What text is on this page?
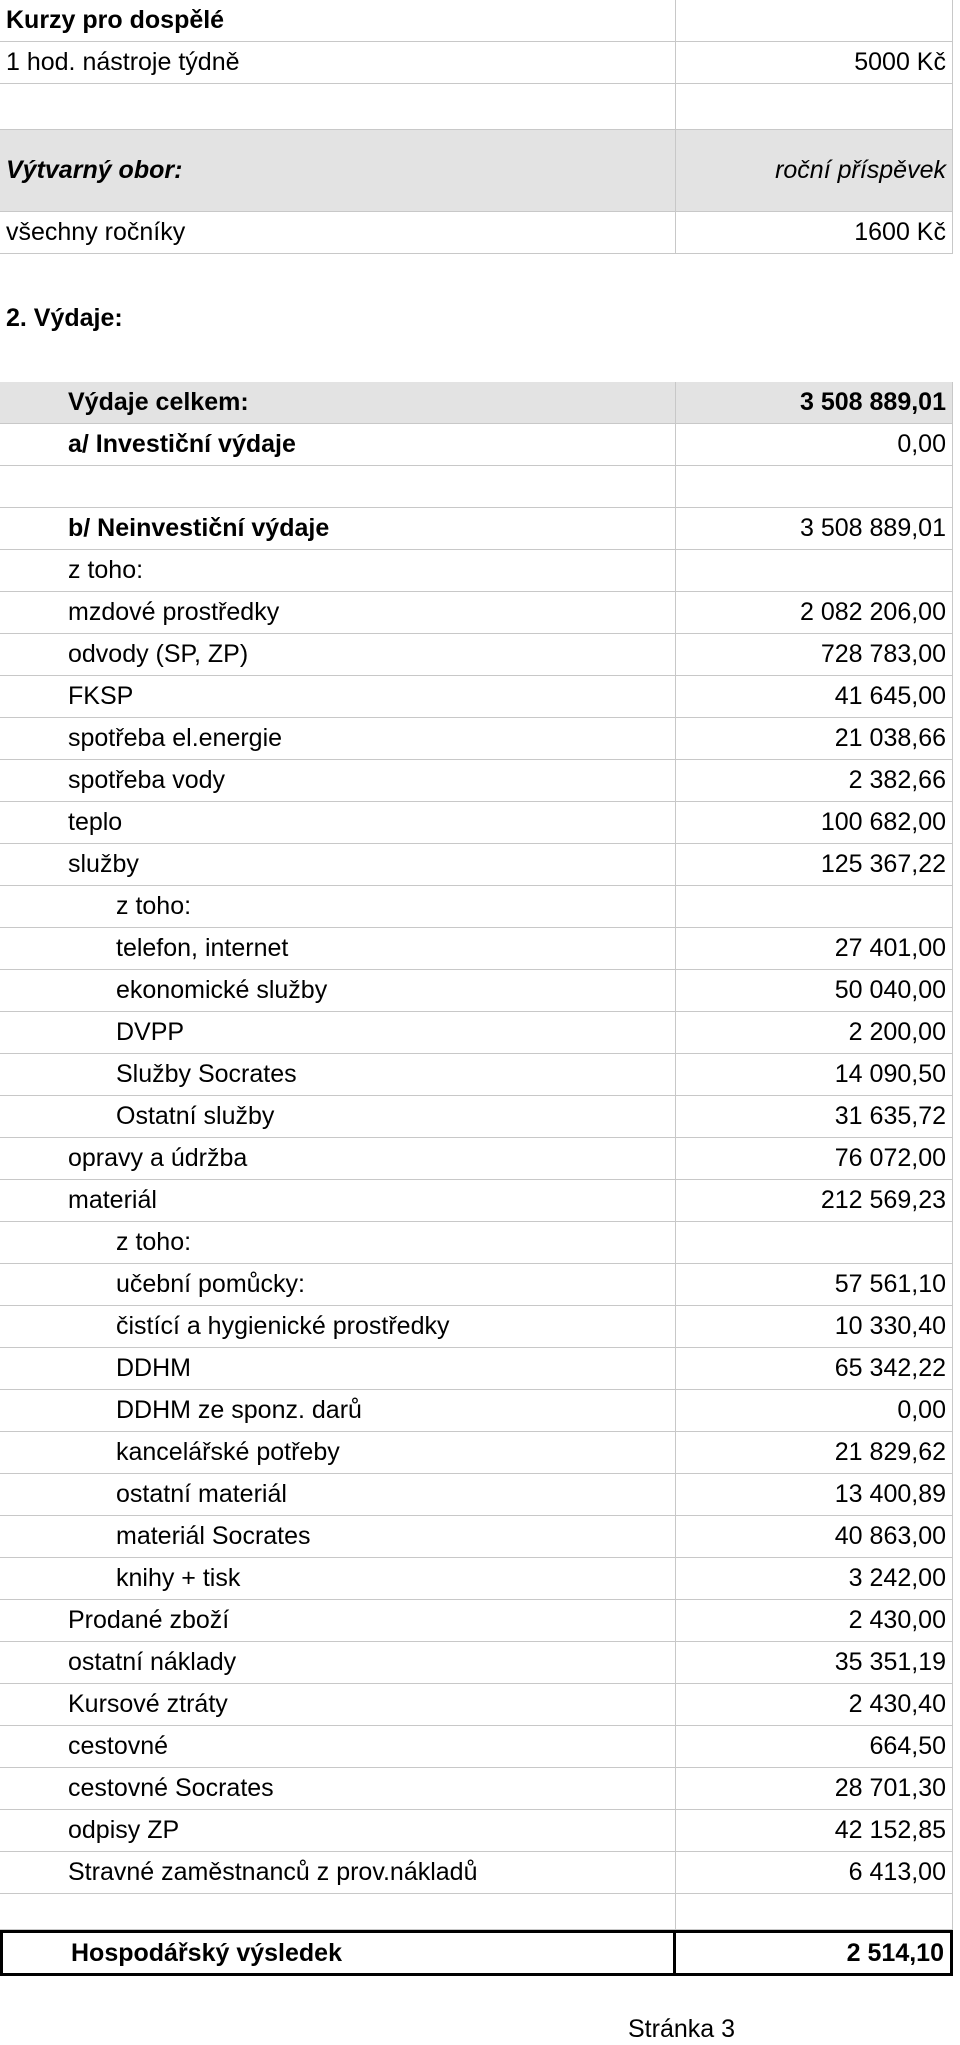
Kurzy pro dospělé
1 hod. nástroje týdně	5000 Kč
Výtvarný obor:	roční příspěvek
všechny ročníky	1600 Kč
2. Výdaje:
Výdaje celkem:	3 508 889,01
a/ Investiční výdaje	0,00
b/ Neinvestiční výdaje	3 508 889,01
z toho:
mzdové prostředky	2 082 206,00
odvody (SP, ZP)	728 783,00
FKSP	41 645,00
spotřeba el.energie	21 038,66
spotřeba vody	2 382,66
teplo	100 682,00
služby	125 367,22
z toho:
telefon, internet	27 401,00
ekonomické služby	50 040,00
DVPP	2 200,00
Služby Socrates	14 090,50
Ostatní služby	31 635,72
opravy a údržba	76 072,00
materiál	212 569,23
z toho:
učební pomůcky:	57 561,10
čistící a hygienické prostředky	10 330,40
DDHM	65 342,22
DDHM ze sponz. darů	0,00
kancelářské potřeby	21 829,62
ostatní materiál	13 400,89
materiál Socrates	40 863,00
knihy + tisk	3 242,00
Prodané zboží	2 430,00
ostatní náklady	35 351,19
Kursové ztráty	2 430,40
cestovné	664,50
cestovné Socrates	28 701,30
odpisy ZP	42 152,85
Stravné zaměstnanců z prov.nákladů	6 413,00
Hospodářský výsledek	2 514,10
Stránka 3
